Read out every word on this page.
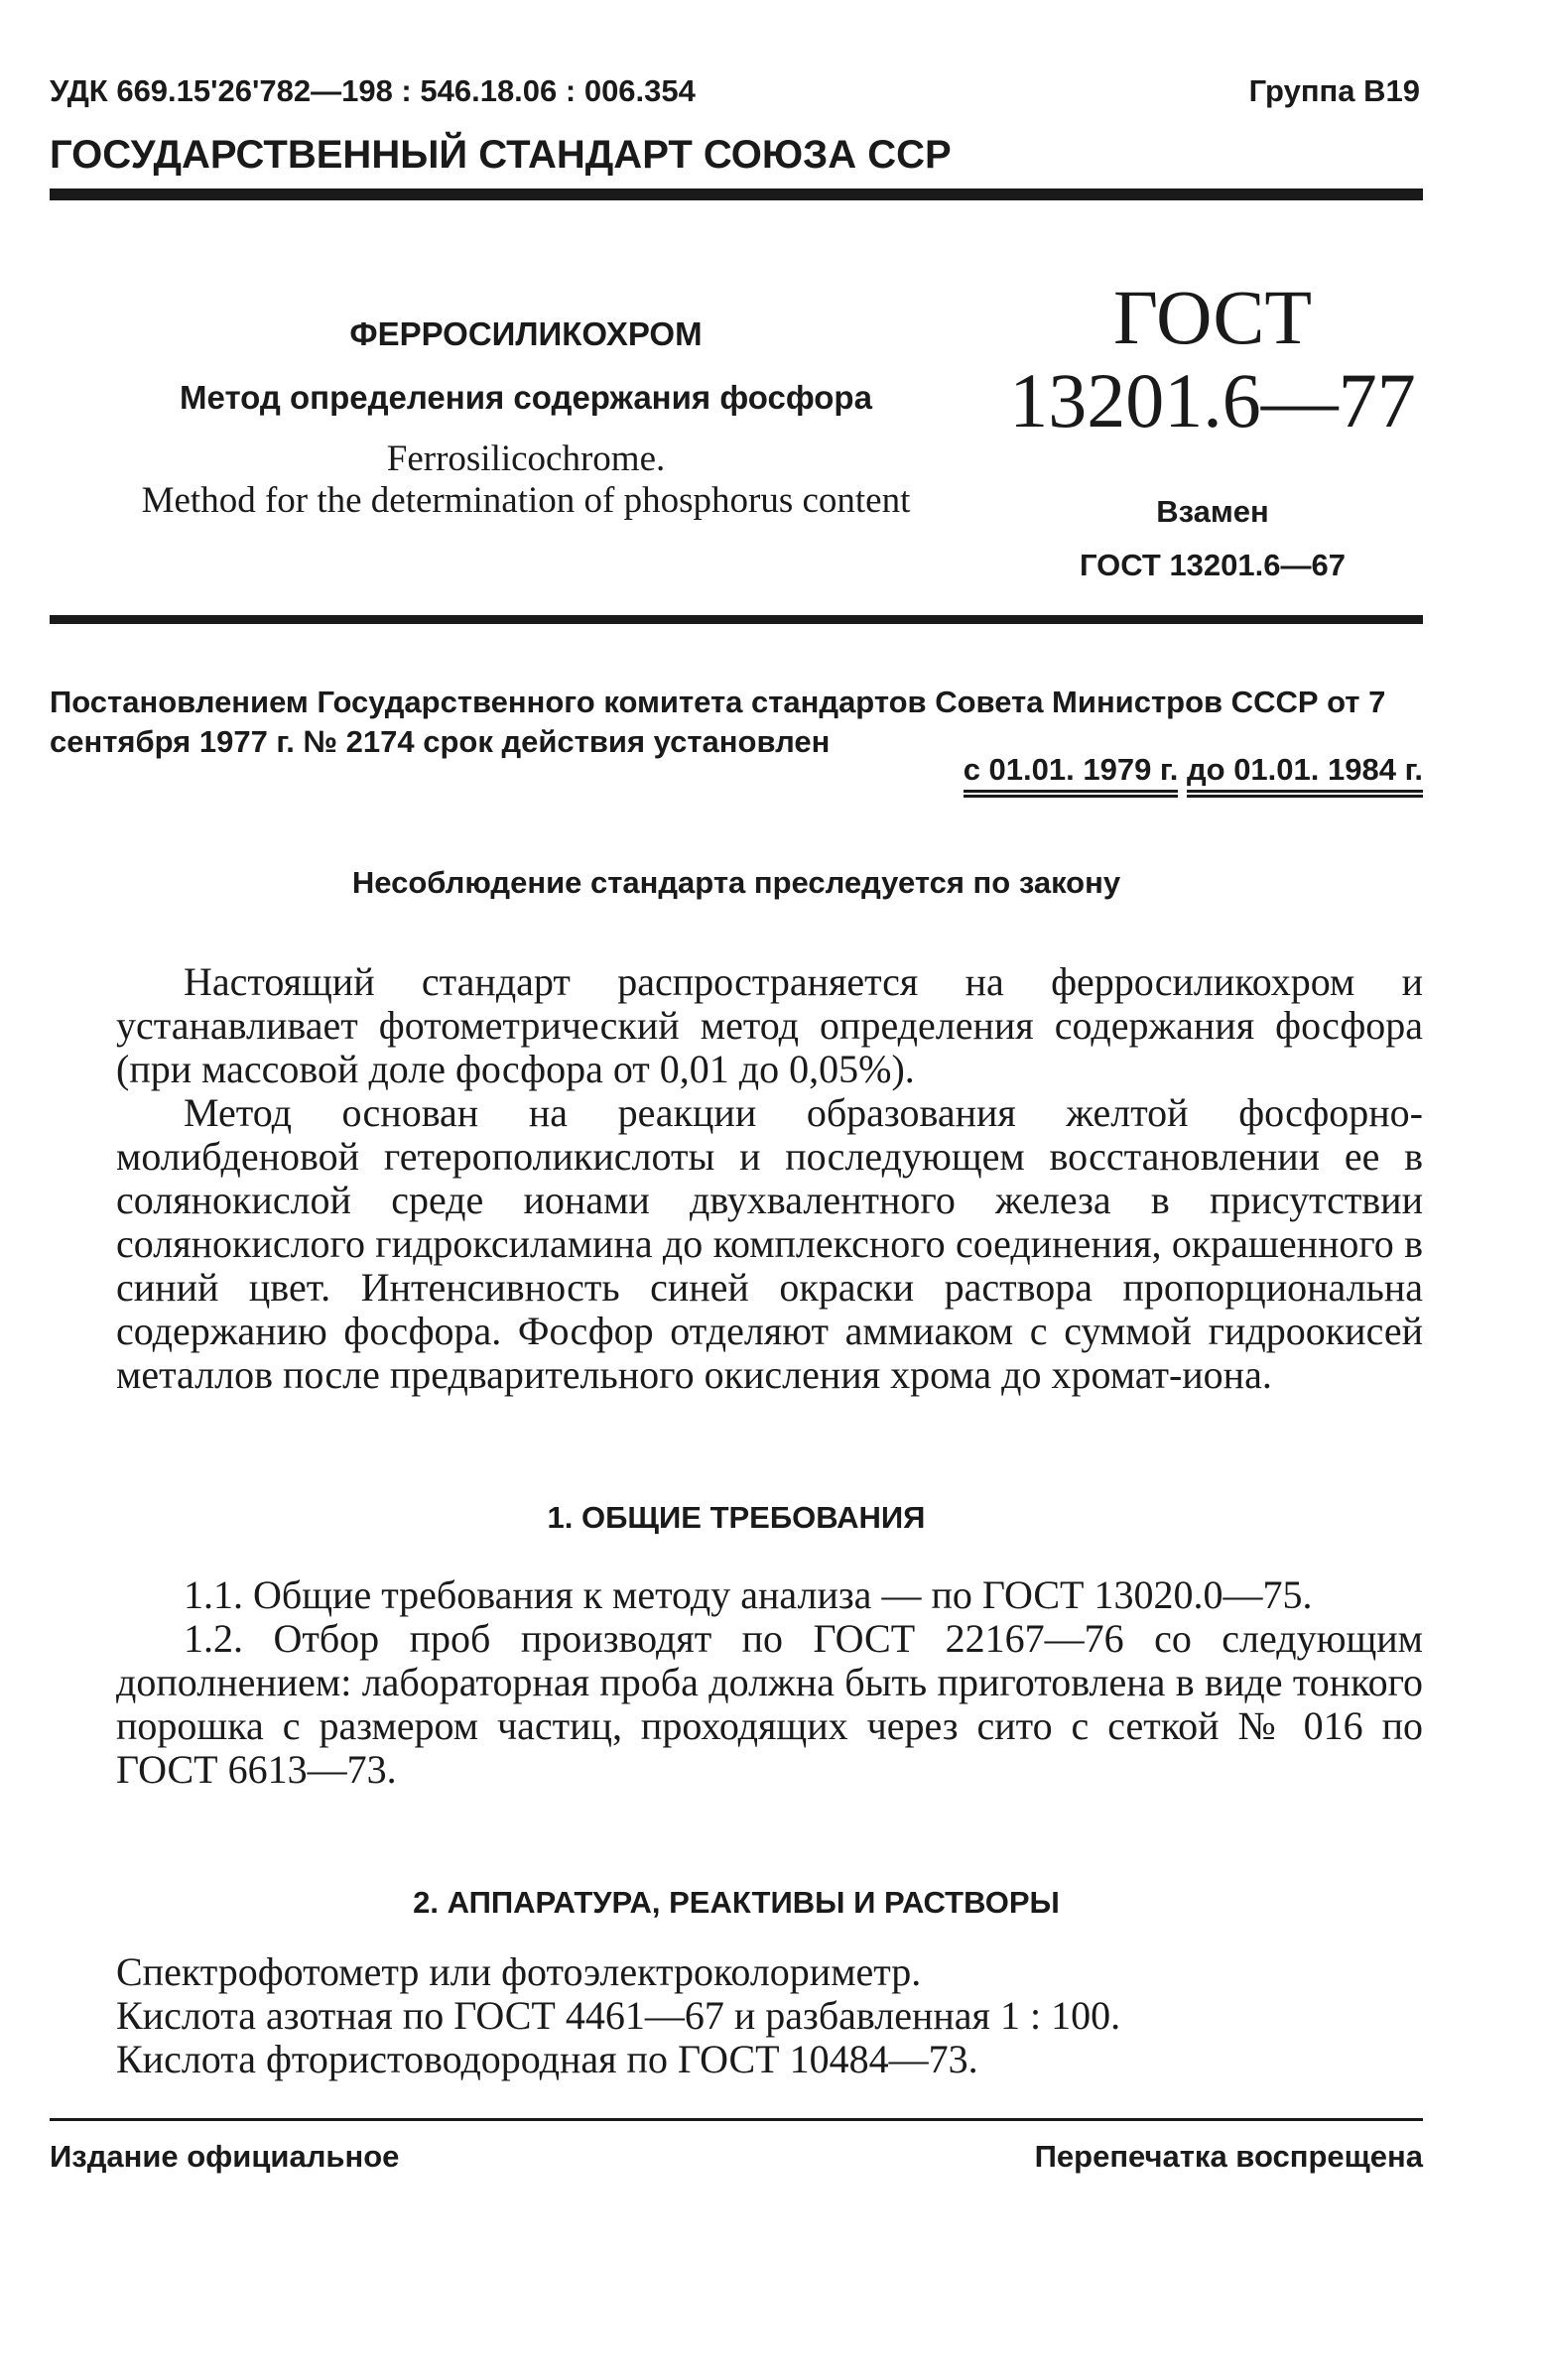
УДК 669.15'26'782—198 : 546.18.06 : 006.354	Группа В19
ГОСУДАРСТВЕННЫЙ СТАНДАРТ СОЮЗА ССР
ФЕРРОСИЛИКОХРОМ
Метод определения содержания фосфора
Ferrosilicochrome.
Method for the determination of phosphorus content
ГОСТ
13201.6—77
Взамен
ГОСТ 13201.6—67
Постановлением Государственного комитета стандартов Совета Министров СССР от 7 сентября 1977 г. № 2174 срок действия установлен
с 01.01. 1979 г. до 01.01. 1984 г.
Несоблюдение стандарта преследуется по закону

Настоящий стандарт распространяется на ферросиликохром и устанавливает фотометрический метод определения содержания фосфора (при массовой доле фосфора от 0,01 до 0,05%).

Метод основан на реакции образования желтой фосфорно-молибденовой гетерополикислоты и последующем восстановлении ее в солянокислой среде ионами двухвалентного железа в присутствии солянокислого гидроксиламина до комплексного соединения, окрашенного в синий цвет. Интенсивность синей окраски раствора пропорциональна содержанию фосфора. Фосфор отделяют аммиаком с суммой гидроокисей металлов после предварительного окисления хрома до хромат-иона.

1. ОБЩИЕ ТРЕБОВАНИЯ

1.1. Общие требования к методу анализа — по ГОСТ 13020.0—75.

1.2. Отбор проб производят по ГОСТ 22167—76 со следующим дополнением: лабораторная проба должна быть приготовлена в виде тонкого порошка с размером частиц, проходящих через сито с сеткой № 016 по ГОСТ 6613—73.

2. АППАРАТУРА, РЕАКТИВЫ И РАСТВОРЫ

Спектрофотометр или фотоэлектроколориметр.

Кислота азотная по ГОСТ 4461—67 и разбавленная 1 : 100.

Кислота фтористоводородная по ГОСТ 10484—73.

Издание официальное	Перепечатка воспрещена
